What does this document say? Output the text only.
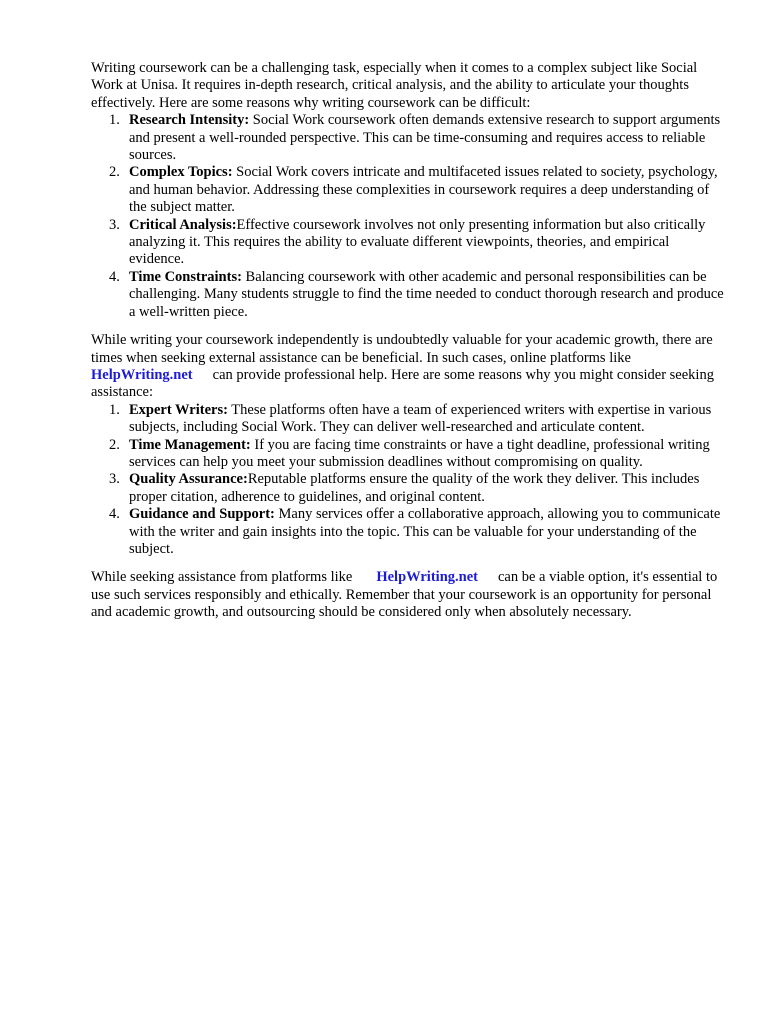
Writing coursework can be a challenging task, especially when it comes to a complex subject like Social Work at Unisa. It requires in-depth research, critical analysis, and the ability to articulate your thoughts effectively. Here are some reasons why writing coursework can be difficult:

1. Research Intensity: Social Work coursework often demands extensive research to support arguments and present a well-rounded perspective. This can be time-consuming and requires access to reliable sources.
2. Complex Topics: Social Work covers intricate and multifaceted issues related to society, psychology, and human behavior. Addressing these complexities in coursework requires a deep understanding of the subject matter.
3. Critical Analysis:Effective coursework involves not only presenting information but also critically analyzing it. This requires the ability to evaluate different viewpoints, theories, and empirical evidence.
4. Time Constraints: Balancing coursework with other academic and personal responsibilities can be challenging. Many students struggle to find the time needed to conduct thorough research and produce a well-written piece.

While writing your coursework independently is undoubtedly valuable for your academic growth, there are times when seeking external assistance can be beneficial. In such cases, online platforms likeHelpWriting.net can provide professional help. Here are some reasons why you might consider seeking assistance:

1. Expert Writers: These platforms often have a team of experienced writers with expertise in various subjects, including Social Work. They can deliver well-researched and articulate content.
2. Time Management: If you are facing time constraints or have a tight deadline, professional writing services can help you meet your submission deadlines without compromising on quality.
3. Quality Assurance:Reputable platforms ensure the quality of the work they deliver. This includes proper citation, adherence to guidelines, and original content.
4. Guidance and Support: Many services offer a collaborative approach, allowing you to communicate with the writer and gain insights into the topic. This can be valuable for your understanding of the subject.

While seeking assistance from platforms like HelpWriting.net can be a viable option, it's essential to use such services responsibly and ethically. Remember that your coursework is an opportunity for personal and academic growth, and outsourcing should be considered only when absolutely necessary.
